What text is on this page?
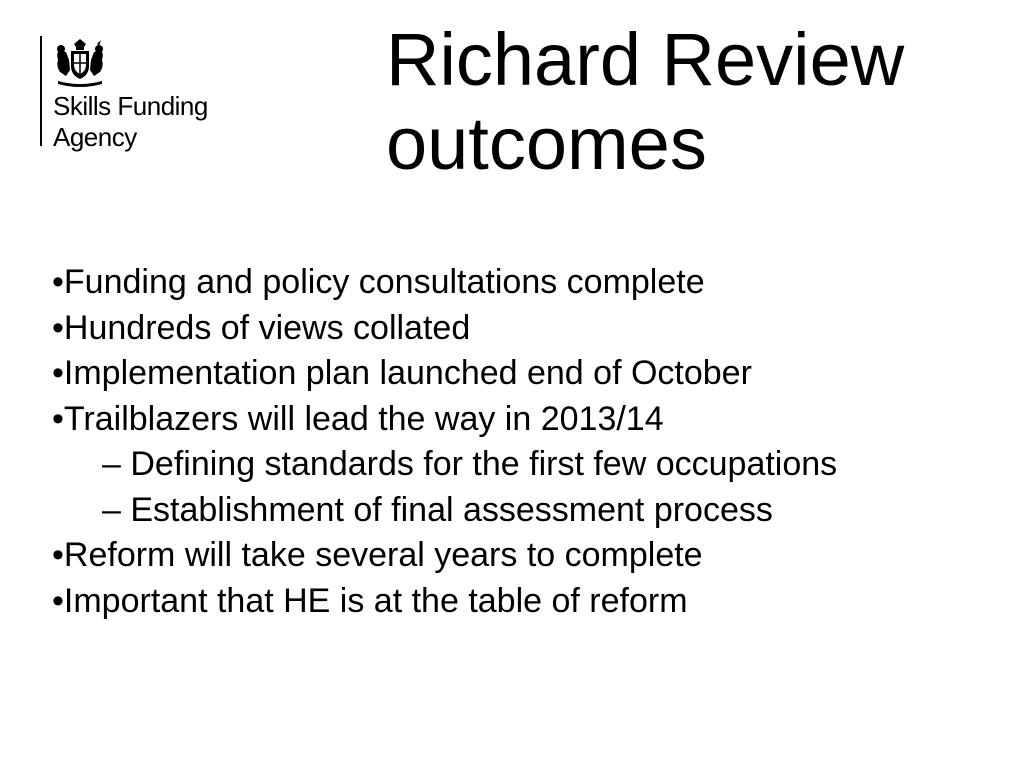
Skills Funding
Agency
Richard Review
outcomes
•Funding and policy consultations complete
•Hundreds of views collated
•Implementation plan launched end of October
•Trailblazers will lead the way in 2013/14
– Defining standards for the first few occupations
– Establishment of final assessment process
•Reform will take several years to complete
•Important that HE is at the table of reform
